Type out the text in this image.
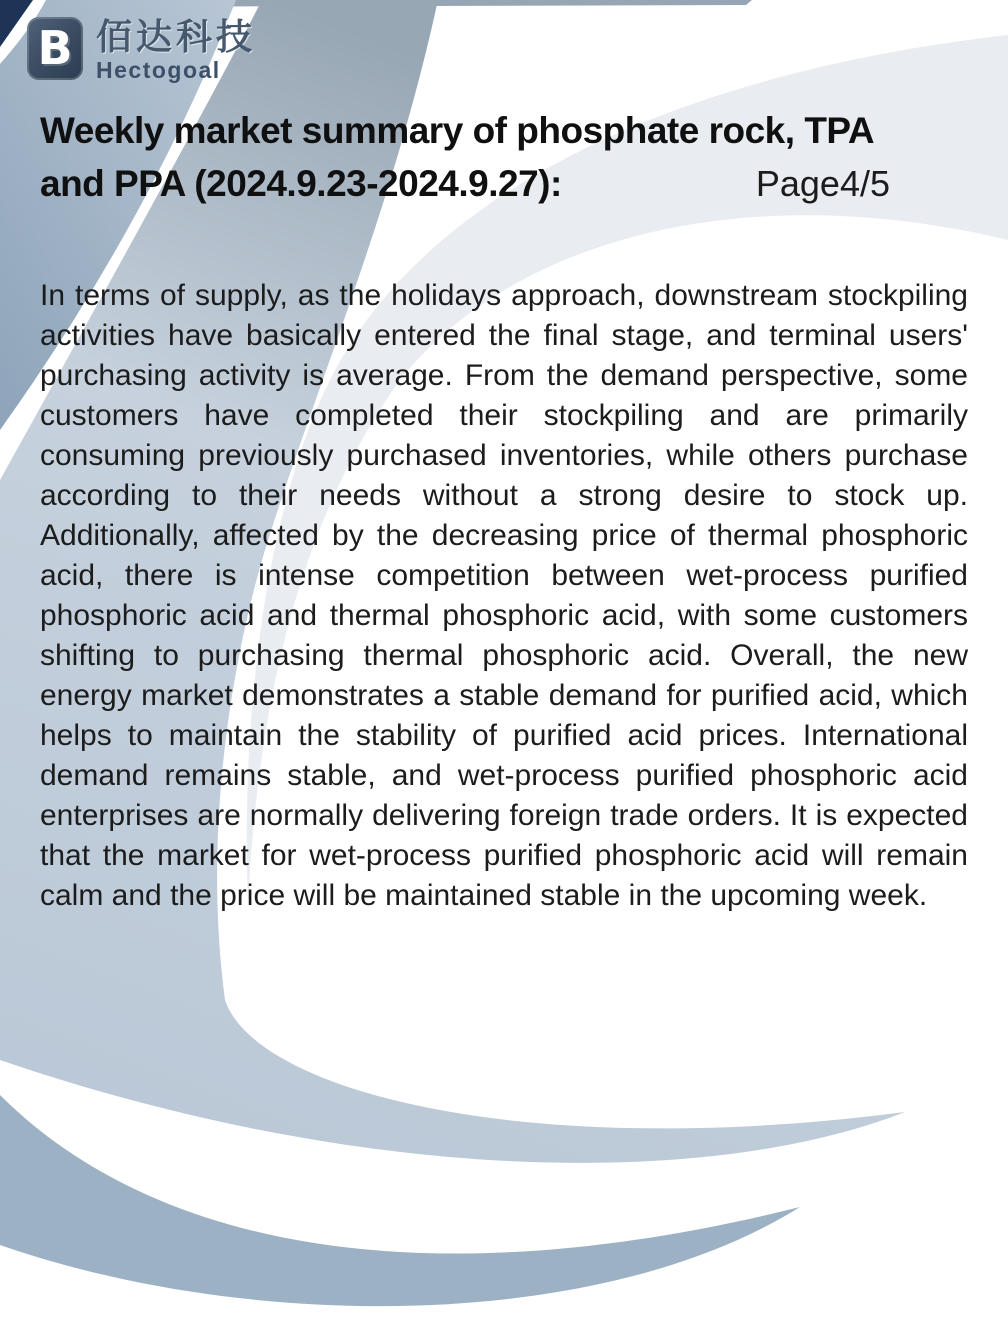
B 佰达科技
Hectogoal
Weekly market summary of phosphate rock, TPA
and PPA (2024.9.23-2024.9.27):	Page4/5

In terms of supply, as the holidays approach, downstream stockpiling activities have basically entered the final stage, and terminal users' purchasing activity is average. From the demand perspective, some customers have completed their stockpiling and are primarily consuming previously purchased inventories, while others purchase according to their needs without a strong desire to stock up. Additionally, affected by the decreasing price of thermal phosphoric acid, there is intense competition between wet-process purified phosphoric acid and thermal phosphoric acid, with some customers shifting to purchasing thermal phosphoric acid. Overall, the new energy market demonstrates a stable demand for purified acid, which helps to maintain the stability of purified acid prices. International demand remains stable, and wet-process purified phosphoric acid enterprises are normally delivering foreign trade orders. It is expected that the market for wet-process purified phosphoric acid will remain calm and the price will be maintained stable in the upcoming week.
